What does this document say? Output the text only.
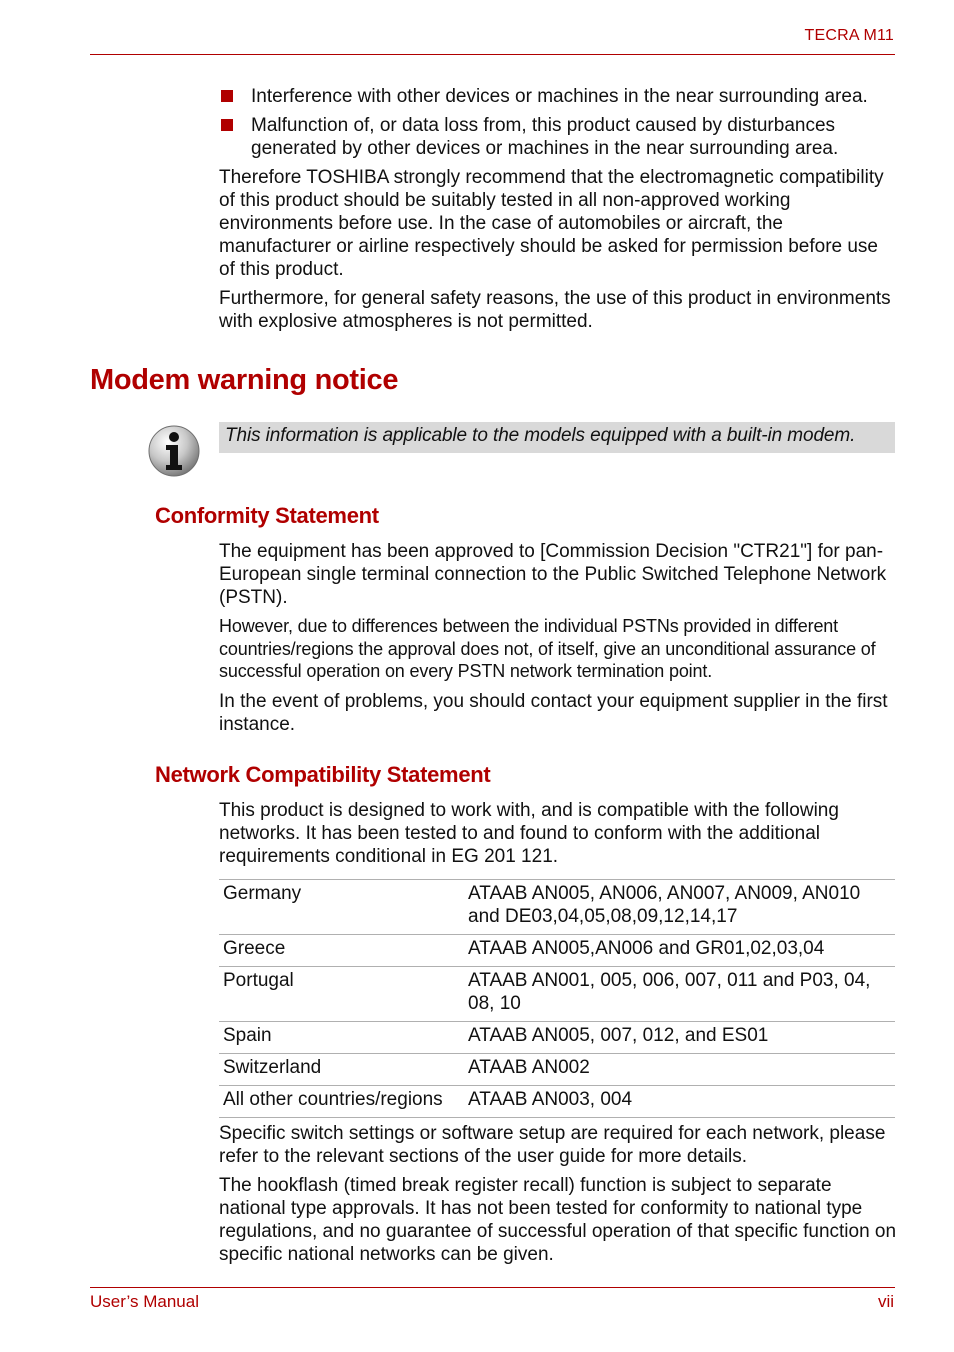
TECRA M11

Interference with other devices or machines in the near surrounding area.

Malfunction of, or data loss from, this product caused by disturbances generated by other devices or machines in the near surrounding area.

Therefore TOSHIBA strongly recommend that the electromagnetic compatibility of this product should be suitably tested in all non-approved working environments before use. In the case of automobiles or aircraft, the manufacturer or airline respectively should be asked for permission before use of this product.

Furthermore, for general safety reasons, the use of this product in environments with explosive atmospheres is not permitted.

Modem warning notice
This information is applicable to the models equipped with a built-in modem.
Conformity Statement

The equipment has been approved to [Commission Decision "CTR21"] for pan-European single terminal connection to the Public Switched Telephone Network (PSTN).

However, due to differences between the individual PSTNs provided in different countries/regions the approval does not, of itself, give an unconditional assurance of successful operation on every PSTN network termination point.

In the event of problems, you should contact your equipment supplier in the first instance.

Network Compatibility Statement

This product is designed to work with, and is compatible with the following networks. It has been tested to and found to conform with the additional requirements conditional in EG 201 121.

Germany	ATAAB AN005, AN006, AN007, AN009, AN010 and DE03,04,05,08,09,12,14,17
Greece	ATAAB AN005,AN006 and GR01,02,03,04
Portugal	ATAAB AN001, 005, 006, 007, 011 and P03, 04, 08, 10
Spain	ATAAB AN005, 007, 012, and ES01
Switzerland	ATAAB AN002
All other countries/regions	ATAAB AN003, 004

Specific switch settings or software setup are required for each network, please refer to the relevant sections of the user guide for more details.

The hookflash (timed break register recall) function is subject to separate national type approvals. It has not been tested for conformity to national type regulations, and no guarantee of successful operation of that specific function on specific national networks can be given.

User’s Manual	vii
